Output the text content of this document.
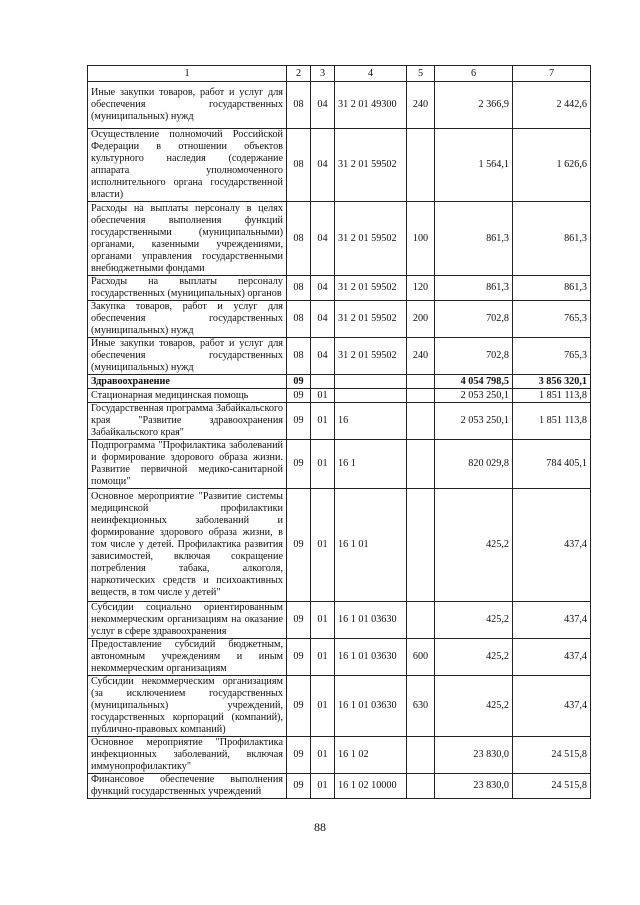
1	2	3	4	5	6	7
Иные закупки товаров, работ и услуг для обеспечения государственных (муниципальных) нужд	08	04	31 2 01 49300	240	2 366,9	2 442,6
Осуществление полномочий Российской Федерации в отношении объектов культурного наследия (содержание аппарата уполномоченного исполнительного органа государственной власти)	08	04	31 2 01 59502		1 564,1	1 626,6
Расходы на выплаты персоналу в целях обеспечения выполнения функций государственными (муниципальными) органами, казенными учреждениями, органами управления государственными внебюджетными фондами	08	04	31 2 01 59502	100	861,3	861,3
Расходы на выплаты персоналу государственных (муниципальных) органов	08	04	31 2 01 59502	120	861,3	861,3
Закупка товаров, работ и услуг для обеспечения государственных (муниципальных) нужд	08	04	31 2 01 59502	200	702,8	765,3
Иные закупки товаров, работ и услуг для обеспечения государственных (муниципальных) нужд	08	04	31 2 01 59502	240	702,8	765,3
Здравоохранение	09				4 054 798,5	3 856 320,1
Стационарная медицинская помощь	09	01			2 053 250,1	1 851 113,8
Государственная программа Забайкальского края "Развитие здравоохранения Забайкальского края"	09	01	16		2 053 250,1	1 851 113,8
Подпрограмма "Профилактика заболеваний и формирование здорового образа жизни. Развитие первичной медико-санитарной помощи"	09	01	16 1		820 029,8	784 405,1
Основное мероприятие "Развитие системы медицинской профилактики неинфекционных заболеваний и формирование здорового образа жизни, в том числе у детей. Профилактика развития зависимостей, включая сокращение потребления табака, алкоголя, наркотических средств и психоактивных веществ, в том числе у детей"	09	01	16 1 01		425,2	437,4
Субсидии социально ориентированным некоммерческим организациям на оказание услуг в сфере здравоохранения	09	01	16 1 01 03630		425,2	437,4
Предоставление субсидий бюджетным, автономным учреждениям и иным некоммерческим организациям	09	01	16 1 01 03630	600	425,2	437,4
Субсидии некоммерческим организациям (за исключением государственных (муниципальных) учреждений, государственных корпораций (компаний), публично-правовых компаний)	09	01	16 1 01 03630	630	425,2	437,4
Основное мероприятие "Профилактика инфекционных заболеваний, включая иммунопрофилактику"	09	01	16 1 02		23 830,0	24 515,8
Финансовое обеспечение выполнения функций государственных учреждений	09	01	16 1 02 10000		23 830,0	24 515,8
88
